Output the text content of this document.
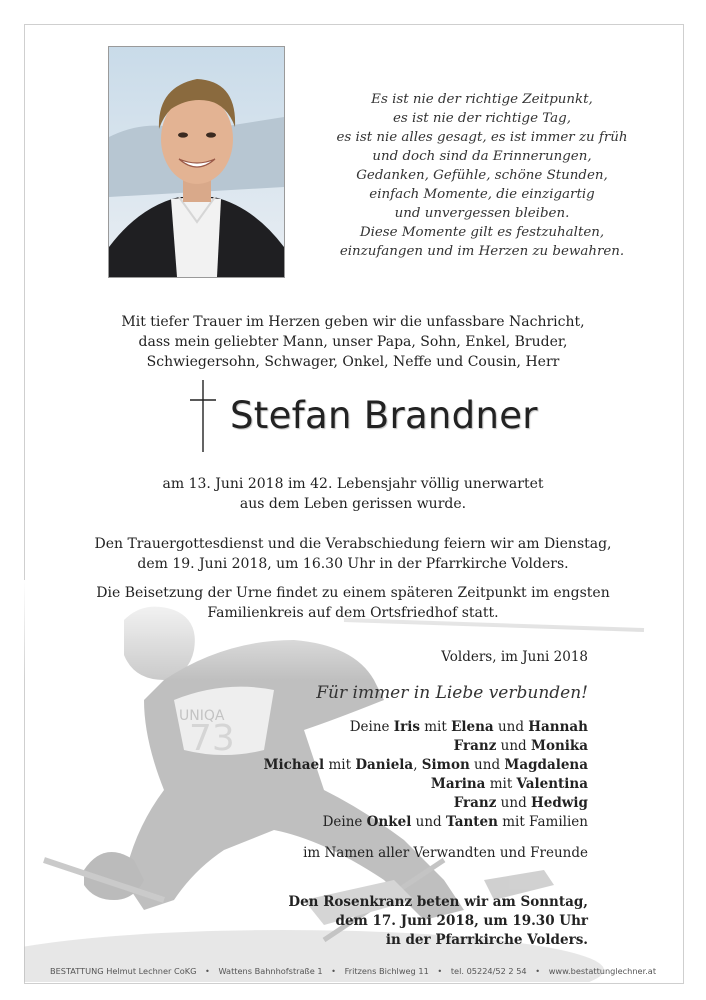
Es ist nie der richtige Zeitpunkt,
es ist nie der richtige Tag,
es ist nie alles gesagt, es ist immer zu früh
und doch sind da Erinnerungen,
Gedanken, Gefühle, schöne Stunden,
einfach Momente, die einzigartig
und unvergessen bleiben.
Diese Momente gilt es festzuhalten,
einzufangen und im Herzen zu bewahren.
Mit tiefer Trauer im Herzen geben wir die unfassbare Nachricht,
dass mein geliebter Mann, unser Papa, Sohn, Enkel, Bruder,
Schwiegersohn, Schwager, Onkel, Neffe und Cousin, Herr
Stefan Brandner
am 13. Juni 2018 im 42. Lebensjahr völlig unerwartet
aus dem Leben gerissen wurde.
Den Trauergottesdienst und die Verabschiedung feiern wir am Dienstag,
dem 19. Juni 2018, um 16.30 Uhr in der Pfarrkirche Volders.
Die Beisetzung der Urne findet zu einem späteren Zeitpunkt im engsten
Familienkreis auf dem Ortsfriedhof statt.
Volders, im Juni 2018
Für immer in Liebe verbunden!
Deine Iris mit Elena und Hannah
Franz und Monika
Michael mit Daniela, Simon und Magdalena
Marina mit Valentina
Franz und Hedwig
Deine Onkel und Tanten mit Familien
im Namen aller Verwandten und Freunde
Den Rosenkranz beten wir am Sonntag,
dem 17. Juni 2018, um 19.30 Uhr
in der Pfarrkirche Volders.
BESTATTUNG Helmut Lechner CoKG • Wattens Bahnhofstraße 1 • Fritzens Bichlweg 11 • tel. 05224/52 2 54 • www.bestattunglechner.at
